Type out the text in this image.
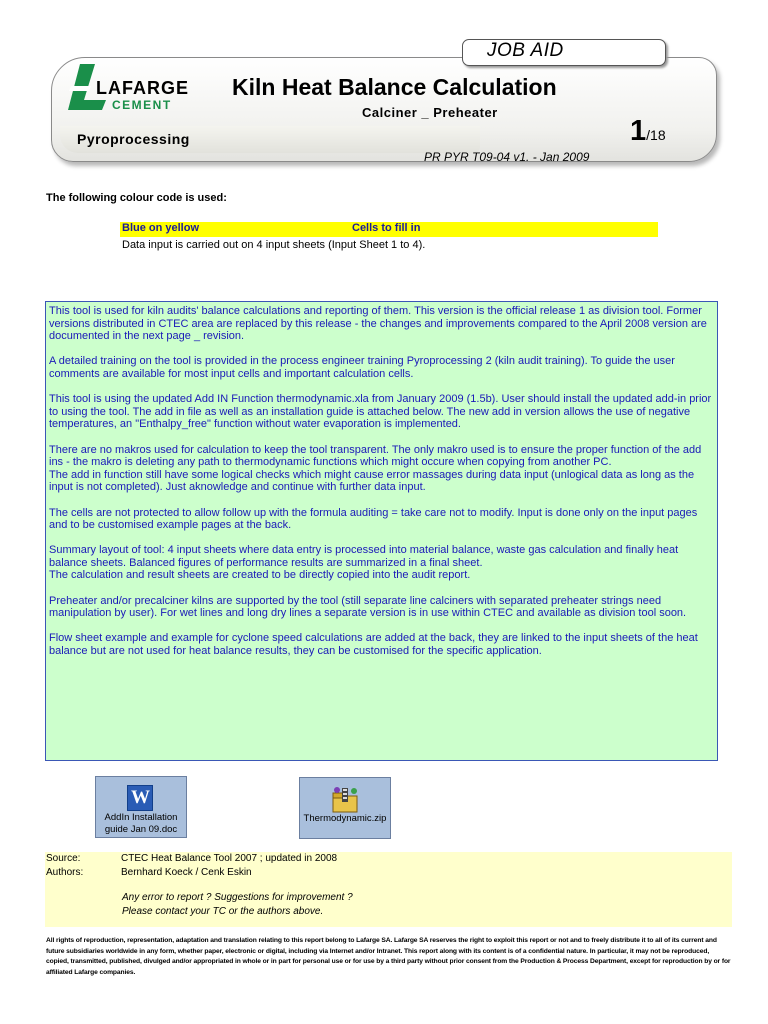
JOB AID
LAFARGE
CEMENT
Kiln Heat Balance Calculation
Calciner _ Preheater
Pyroprocessing	1/18
PR PYR T09-04 v1. - Jan 2009
The following colour code is used:
Blue on yellow	Cells to fill in
Data input is carried out on 4 input sheets (Input Sheet 1 to 4).

This tool is used for kiln audits' balance calculations and reporting of them. This version is the official release 1 as division tool. Former versions distributed in CTEC area are replaced by this release - the changes and improvements compared to the April 2008 version are documented in the next page _ revision.

A detailed training on the tool is provided in the process engineer training Pyroprocessing 2 (kiln audit training). To guide the user comments are available for most input cells and important calculation cells.

This tool is using the updated Add IN Function thermodynamic.xla from January 2009 (1.5b). User should install the updated add-in prior to using the tool. The add in file as well as an installation guide is attached below. The new add in version allows the use of negative temperatures, an "Enthalpy_free" function without water evaporation is implemented.

There are no makros used for calculation to keep the tool transparent. The only makro used is to ensure the proper function of the add ins - the makro is deleting any path to thermodynamic functions which might occure when copying from another PC.

The add in function still have some logical checks which might cause error massages during data input (unlogical data as long as the input is not completed). Just aknowledge and continue with further data input.

The cells are not protected to allow follow up with the formula auditing = take care not to modify. Input is done only on the input pages and to be customised example pages at the back.

Summary layout of tool: 4 input sheets where data entry is processed into material balance, waste gas calculation and finally heat balance sheets. Balanced figures of performance results are summarized in a final sheet.

The calculation and result sheets are created to be directly copied into the audit report.

Preheater and/or precalciner kilns are supported by the tool (still separate line calciners with separated preheater strings need manipulation by user). For wet lines and long dry lines a separate version is in use within CTEC and available as division tool soon.

Flow sheet example and example for cyclone speed calculations are added at the back, they are linked to the input sheets of the heat balance but are not used for heat balance results, they can be customised for the specific application.

W
AddIn Installation
guide Jan 09.doc
Thermodynamic.zip
Source:	CTEC Heat Balance Tool 2007 ; updated in 2008
Authors:	Bernhard Koeck / Cenk Eskin
Any error to report ? Suggestions for improvement ?
Please contact your TC or the authors above.
All rights of reproduction, representation, adaptation and translation relating to this report belong to Lafarge SA. Lafarge SA reserves the right to exploit this report or not and to freely distribute it to all of its current and future subsidiaries worldwide in any form, whether paper, electronic or digital, including via Internet and/or Intranet. This report along with its content is of a confidential nature. In particular, it may not be reproduced, copied, transmitted, published, divulged and/or appropriated in whole or in part for personal use or for use by a third party without prior consent from the Production & Process Department, except for reproduction by or for affiliated Lafarge companies.
